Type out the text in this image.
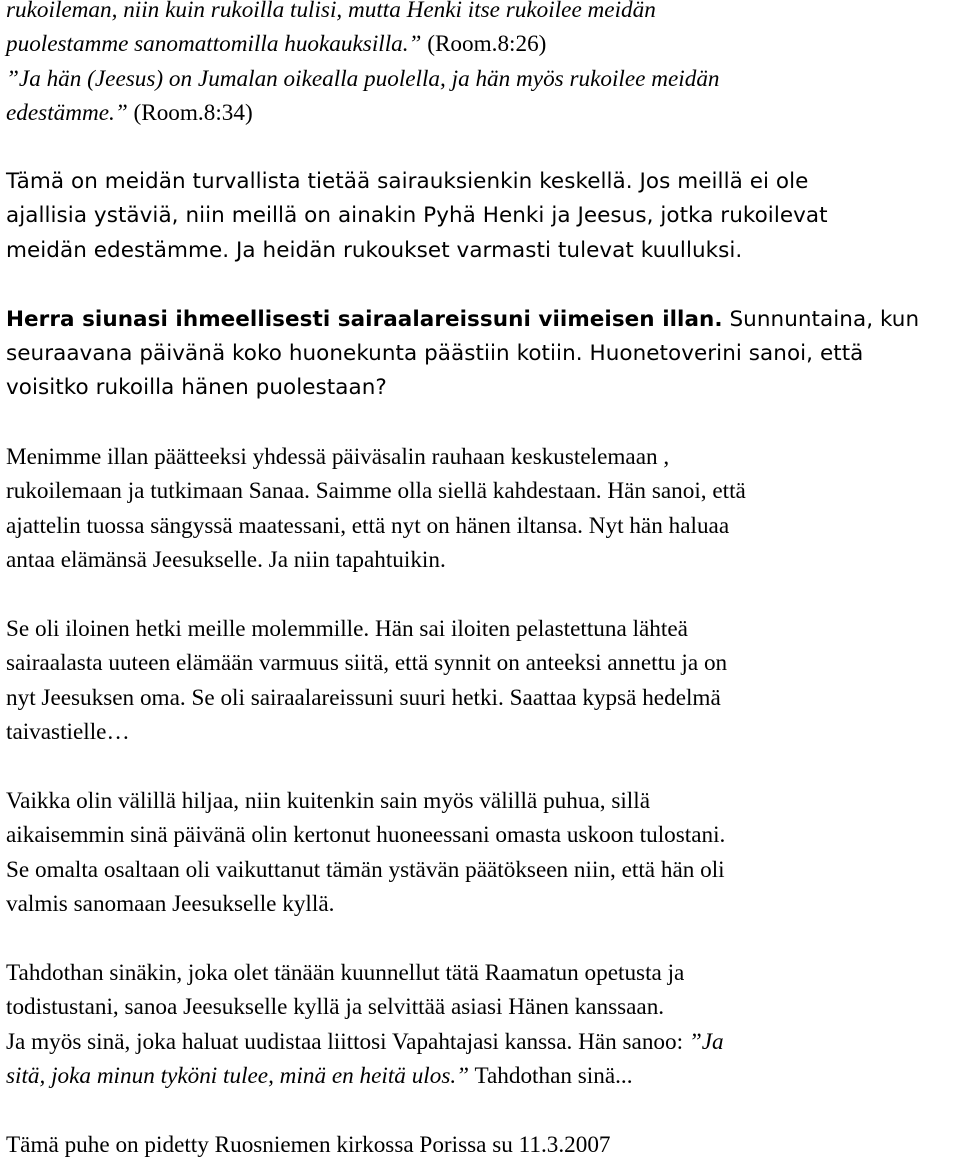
rukoileman, niin kuin rukoilla tulisi, mutta Henki itse rukoilee meidän
puolestamme sanomattomilla huokauksilla.” (Room.8:26)
”Ja hän (Jeesus) on Jumalan oikealla puolella, ja hän myös rukoilee meidän
edestämme.” (Room.8:34)
Tämä on meidän turvallista tietää sairauksienkin keskellä. Jos meillä ei ole
ajallisia ystäviä, niin meillä on ainakin Pyhä Henki ja Jeesus, jotka rukoilevat
meidän edestämme. Ja heidän rukoukset varmasti tulevat kuulluksi.
Herra siunasi ihmeellisesti sairaalareissuni viimeisen illan. Sunnuntaina, kun
seuraavana päivänä koko huonekunta päästiin kotiin. Huonetoverini sanoi, että
voisitko rukoilla hänen puolestaan?
Menimme illan päätteeksi yhdessä päiväsalin rauhaan keskustelemaan ,
rukoilemaan ja tutkimaan Sanaa. Saimme olla siellä kahdestaan. Hän sanoi, että
ajattelin tuossa sängyssä maatessani, että nyt on hänen iltansa. Nyt hän haluaa
antaa elämänsä Jeesukselle. Ja niin tapahtuikin.
Se oli iloinen hetki meille molemmille. Hän sai iloiten pelastettuna lähteä
sairaalasta uuteen elämään varmuus siitä, että synnit on anteeksi annettu ja on
nyt Jeesuksen oma. Se oli sairaalareissuni suuri hetki. Saattaa kypsä hedelmä
taivastielle…
Vaikka olin välillä hiljaa, niin kuitenkin sain myös välillä puhua, sillä
aikaisemmin sinä päivänä olin kertonut huoneessani omasta uskoon tulostani.
Se omalta osaltaan oli vaikuttanut tämän ystävän päätökseen niin, että hän oli
valmis sanomaan Jeesukselle kyllä.
Tahdothan sinäkin, joka olet tänään kuunnellut tätä Raamatun opetusta ja
todistustani, sanoa Jeesukselle kyllä ja selvittää asiasi Hänen kanssaan.
Ja myös sinä, joka haluat uudistaa liittosi Vapahtajasi kanssa. Hän sanoo: ”Ja
sitä, joka minun tyköni tulee, minä en heitä ulos.” Tahdothan sinä...
Tämä puhe on pidetty Ruosniemen kirkossa Porissa su 11.3.2007
